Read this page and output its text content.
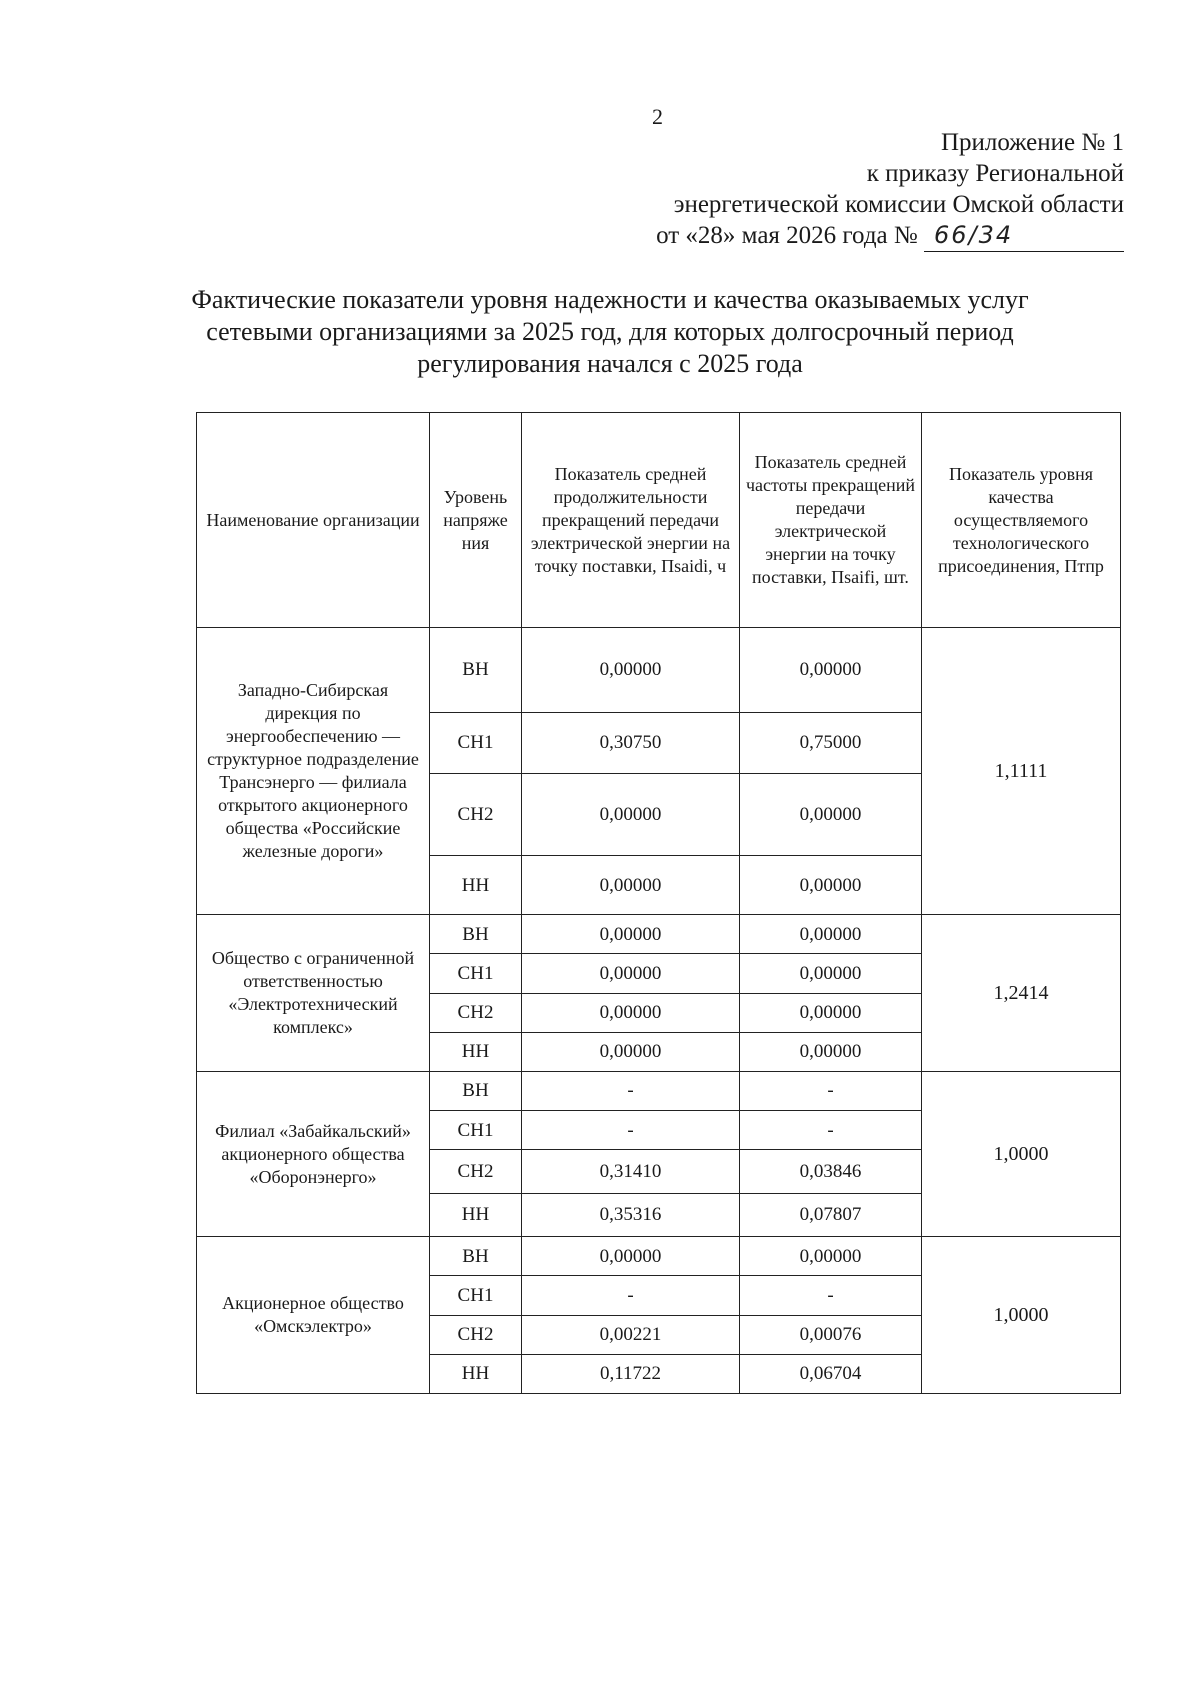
2
Приложение № 1
к приказу Региональной
энергетической комиссии Омской области
от «28» мая 2026 года № 66/34
Фактические показатели уровня надежности и качества оказываемых услуг
сетевыми организациями за 2025 год, для которых долгосрочный период
регулирования начался с 2025 года
Наименование организации	Уровень напряже ния	Показатель средней продолжительности прекращений передачи электрической энергии на точку поставки, Пsaidi, ч	Показатель средней частоты прекращений передачи электрической энергии на точку поставки, Пsaifi, шт.	Показатель уровня качества осуществляемого технологического присоединения, Птпр
Западно-Сибирская дирекция по энергообеспечению — структурное подразделение Трансэнерго — филиала открытого акционерного общества «Российские железные дороги»	ВН	0,00000	0,00000	1,1111
	СН1	0,30750	0,75000	
	СН2	0,00000	0,00000	
	НН	0,00000	0,00000	
Общество с ограниченной ответственностью «Электротехнический комплекс»	ВН	0,00000	0,00000	1,2414
	СН1	0,00000	0,00000	
	СН2	0,00000	0,00000	
	НН	0,00000	0,00000	
Филиал «Забайкальский» акционерного общества «Оборонэнерго»	ВН	-	-	1,0000
	СН1	-	-	
	СН2	0,31410	0,03846	
	НН	0,35316	0,07807	
Акционерное общество «Омскэлектро»	ВН	0,00000	0,00000	1,0000
	СН1	-	-	
	СН2	0,00221	0,00076	
	НН	0,11722	0,06704	
